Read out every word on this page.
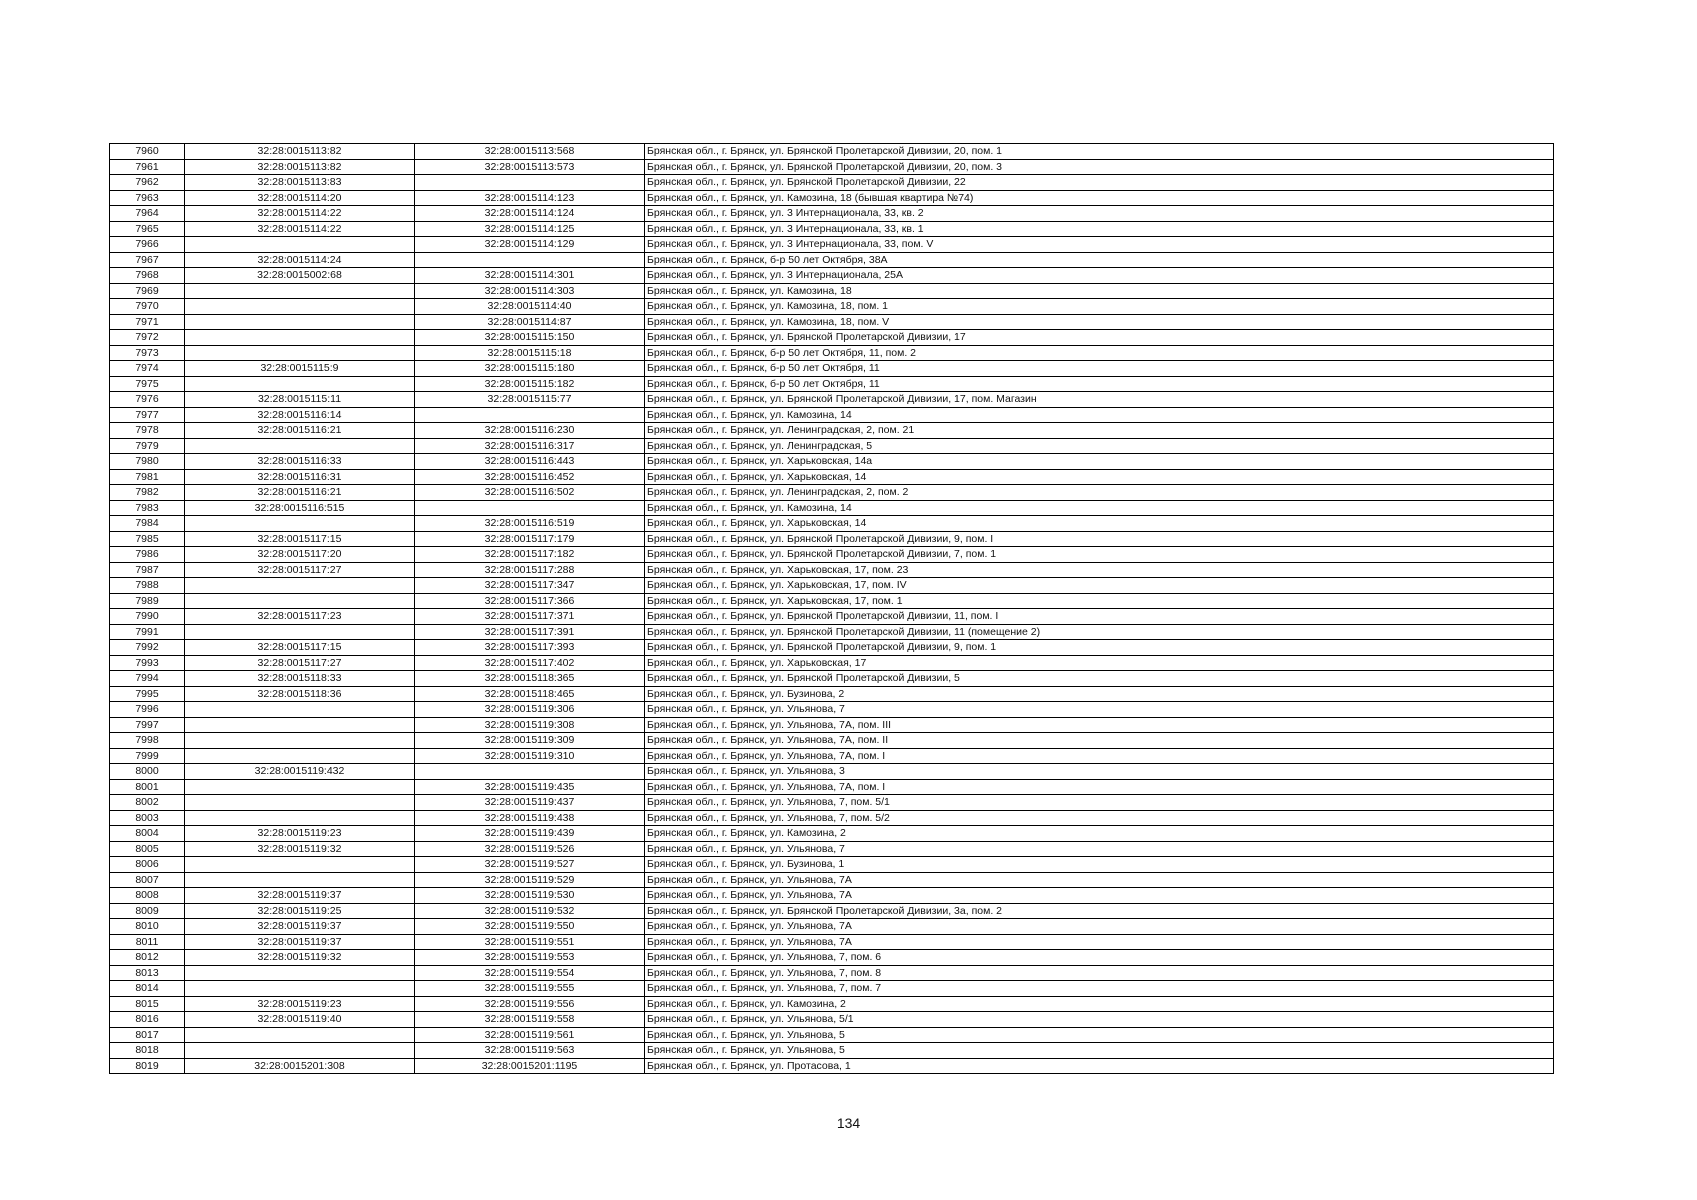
7960	32:28:0015113:82	32:28:0015113:568	Брянская обл., г. Брянск, ул. Брянской Пролетарской Дивизии, 20, пом. 1
7961	32:28:0015113:82	32:28:0015113:573	Брянская обл., г. Брянск, ул. Брянской Пролетарской Дивизии, 20, пом. 3
7962	32:28:0015113:83		Брянская обл., г. Брянск, ул. Брянской Пролетарской Дивизии, 22
7963	32:28:0015114:20	32:28:0015114:123	Брянская обл., г. Брянск, ул. Камозина, 18 (бывшая квартира №74)
7964	32:28:0015114:22	32:28:0015114:124	Брянская обл., г. Брянск, ул. 3 Интернационала, 33, кв. 2
7965	32:28:0015114:22	32:28:0015114:125	Брянская обл., г. Брянск, ул. 3 Интернационала, 33, кв. 1
7966		32:28:0015114:129	Брянская обл., г. Брянск, ул. 3 Интернационала, 33, пом. V
7967	32:28:0015114:24		Брянская обл., г. Брянск, б-р 50 лет Октября, 38А
7968	32:28:0015002:68	32:28:0015114:301	Брянская обл., г. Брянск, ул. 3 Интернационала, 25А
7969		32:28:0015114:303	Брянская обл., г. Брянск, ул. Камозина, 18
7970		32:28:0015114:40	Брянская обл., г. Брянск, ул. Камозина, 18, пом. 1
7971		32:28:0015114:87	Брянская обл., г. Брянск, ул. Камозина, 18, пом. V
7972		32:28:0015115:150	Брянская обл., г. Брянск, ул. Брянской Пролетарской Дивизии, 17
7973		32:28:0015115:18	Брянская обл., г. Брянск, б-р 50 лет Октября, 11, пом. 2
7974	32:28:0015115:9	32:28:0015115:180	Брянская обл., г. Брянск, б-р 50 лет Октября, 11
7975		32:28:0015115:182	Брянская обл., г. Брянск, б-р 50 лет Октября, 11
7976	32:28:0015115:11	32:28:0015115:77	Брянская обл., г. Брянск, ул. Брянской Пролетарской Дивизии, 17, пом. Магазин
7977	32:28:0015116:14		Брянская обл., г. Брянск, ул. Камозина, 14
7978	32:28:0015116:21	32:28:0015116:230	Брянская обл., г. Брянск, ул. Ленинградская, 2, пом. 21
7979		32:28:0015116:317	Брянская обл., г. Брянск, ул. Ленинградская, 5
7980	32:28:0015116:33	32:28:0015116:443	Брянская обл., г. Брянск, ул. Харьковская, 14а
7981	32:28:0015116:31	32:28:0015116:452	Брянская обл., г. Брянск, ул. Харьковская, 14
7982	32:28:0015116:21	32:28:0015116:502	Брянская обл., г. Брянск, ул. Ленинградская, 2, пом. 2
7983	32:28:0015116:515		Брянская обл., г. Брянск, ул. Камозина, 14
7984		32:28:0015116:519	Брянская обл., г. Брянск, ул. Харьковская, 14
7985	32:28:0015117:15	32:28:0015117:179	Брянская обл., г. Брянск, ул. Брянской Пролетарской Дивизии, 9, пом. I
7986	32:28:0015117:20	32:28:0015117:182	Брянская обл., г. Брянск, ул. Брянской Пролетарской Дивизии, 7, пом. 1
7987	32:28:0015117:27	32:28:0015117:288	Брянская обл., г. Брянск, ул. Харьковская, 17, пом. 23
7988		32:28:0015117:347	Брянская обл., г. Брянск, ул. Харьковская, 17, пом. IV
7989		32:28:0015117:366	Брянская обл., г. Брянск, ул. Харьковская, 17, пом. 1
7990	32:28:0015117:23	32:28:0015117:371	Брянская обл., г. Брянск, ул. Брянской Пролетарской Дивизии, 11, пом. I
7991		32:28:0015117:391	Брянская обл., г. Брянск, ул. Брянской Пролетарской Дивизии, 11 (помещение 2)
7992	32:28:0015117:15	32:28:0015117:393	Брянская обл., г. Брянск, ул. Брянской Пролетарской Дивизии, 9, пом. 1
7993	32:28:0015117:27	32:28:0015117:402	Брянская обл., г. Брянск, ул. Харьковская, 17
7994	32:28:0015118:33	32:28:0015118:365	Брянская обл., г. Брянск, ул. Брянской Пролетарской Дивизии, 5
7995	32:28:0015118:36	32:28:0015118:465	Брянская обл., г. Брянск, ул. Бузинова, 2
7996		32:28:0015119:306	Брянская обл., г. Брянск, ул. Ульянова, 7
7997		32:28:0015119:308	Брянская обл., г. Брянск, ул. Ульянова, 7А, пом. III
7998		32:28:0015119:309	Брянская обл., г. Брянск, ул. Ульянова, 7А, пом. II
7999		32:28:0015119:310	Брянская обл., г. Брянск, ул. Ульянова, 7А, пом. I
8000	32:28:0015119:432		Брянская обл., г. Брянск, ул. Ульянова, 3
8001		32:28:0015119:435	Брянская обл., г. Брянск, ул. Ульянова, 7А, пом. I
8002		32:28:0015119:437	Брянская обл., г. Брянск, ул. Ульянова, 7, пом. 5/1
8003		32:28:0015119:438	Брянская обл., г. Брянск, ул. Ульянова, 7, пом. 5/2
8004	32:28:0015119:23	32:28:0015119:439	Брянская обл., г. Брянск, ул. Камозина, 2
8005	32:28:0015119:32	32:28:0015119:526	Брянская обл., г. Брянск, ул. Ульянова, 7
8006		32:28:0015119:527	Брянская обл., г. Брянск, ул. Бузинова, 1
8007		32:28:0015119:529	Брянская обл., г. Брянск, ул. Ульянова, 7А
8008	32:28:0015119:37	32:28:0015119:530	Брянская обл., г. Брянск, ул. Ульянова, 7А
8009	32:28:0015119:25	32:28:0015119:532	Брянская обл., г. Брянск, ул. Брянской Пролетарской Дивизии, 3а, пом. 2
8010	32:28:0015119:37	32:28:0015119:550	Брянская обл., г. Брянск, ул. Ульянова, 7А
8011	32:28:0015119:37	32:28:0015119:551	Брянская обл., г. Брянск, ул. Ульянова, 7А
8012	32:28:0015119:32	32:28:0015119:553	Брянская обл., г. Брянск, ул. Ульянова, 7, пом. 6
8013		32:28:0015119:554	Брянская обл., г. Брянск, ул. Ульянова, 7, пом. 8
8014		32:28:0015119:555	Брянская обл., г. Брянск, ул. Ульянова, 7, пом. 7
8015	32:28:0015119:23	32:28:0015119:556	Брянская обл., г. Брянск, ул. Камозина, 2
8016	32:28:0015119:40	32:28:0015119:558	Брянская обл., г. Брянск, ул. Ульянова, 5/1
8017		32:28:0015119:561	Брянская обл., г. Брянск, ул. Ульянова, 5
8018		32:28:0015119:563	Брянская обл., г. Брянск, ул. Ульянова, 5
8019	32:28:0015201:308	32:28:0015201:1195	Брянская обл., г. Брянск, ул. Протасова, 1
134
